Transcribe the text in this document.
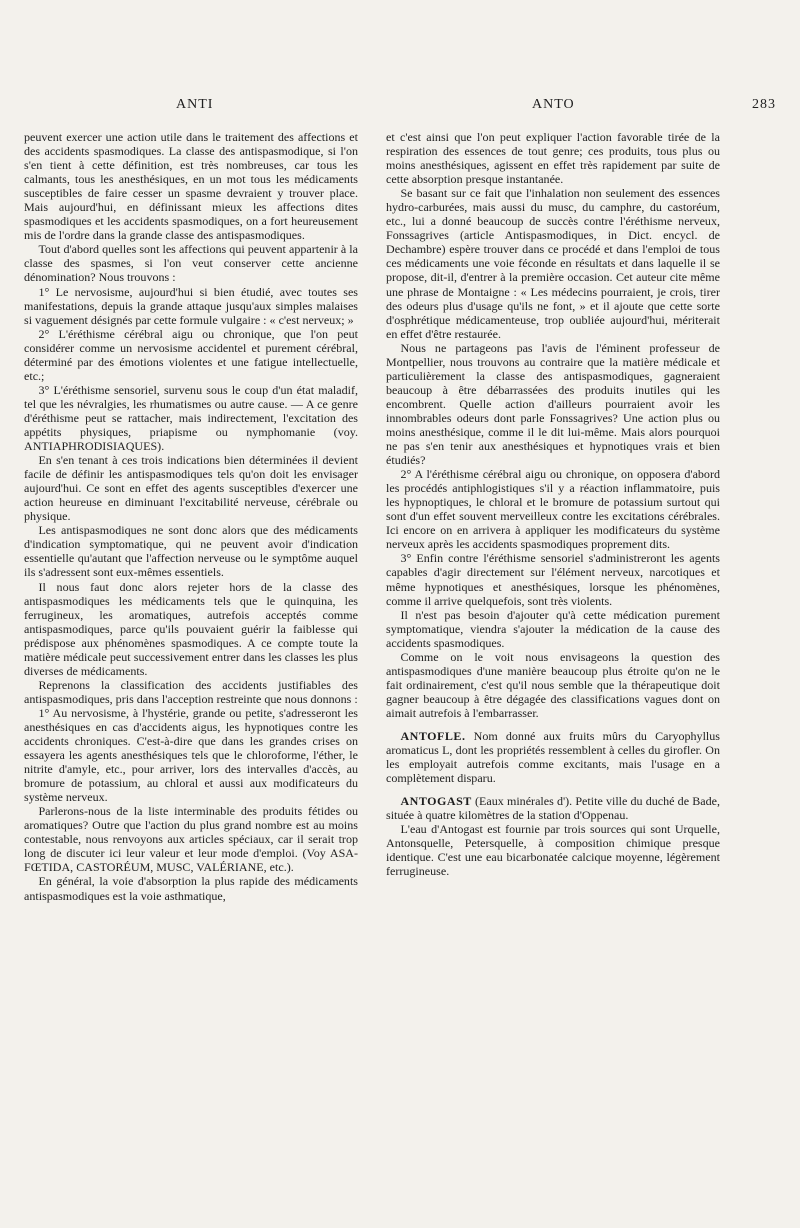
ANTI	ANTO	283

peuvent exercer une action utile dans le traitement des affections et des accidents spasmodiques. La classe des antispasmodique, si l'on s'en tient à cette définition, est très nombreuses, car tous les calmants, tous les anesthésiques, en un mot tous les médicaments susceptibles de faire cesser un spasme devraient y trouver place. Mais aujourd'hui, en définissant mieux les affections dites spasmodiques et les accidents spasmodiques, on a fort heureusement mis de l'ordre dans la grande classe des antispasmodiques.

Tout d'abord quelles sont les affections qui peuvent appartenir à la classe des spasmes, si l'on veut conserver cette ancienne dénomination? Nous trouvons :

1° Le nervosisme, aujourd'hui si bien étudié, avec toutes ses manifestations, depuis la grande attaque jusqu'aux simples malaises si vaguement désignés par cette formule vulgaire : « c'est nerveux; »

2° L'éréthisme cérébral aigu ou chronique, que l'on peut considérer comme un nervosisme accidentel et purement cérébral, déterminé par des émotions violentes et une fatigue intellectuelle, etc.;

3° L'éréthisme sensoriel, survenu sous le coup d'un état maladif, tel que les névralgies, les rhumatismes ou autre cause. — A ce genre d'éréthisme peut se rattacher, mais indirectement, l'excitation des appétits physiques, priapisme ou nymphomanie (voy. ANTIAPHRODISIAQUES).

En s'en tenant à ces trois indications bien déterminées il devient facile de définir les antispasmodiques tels qu'on doit les envisager aujourd'hui. Ce sont en effet des agents susceptibles d'exercer une action heureuse en diminuant l'excitabilité nerveuse, cérébrale ou physique.

Les antispasmodiques ne sont donc alors que des médicaments d'indication symptomatique, qui ne peuvent avoir d'indication essentielle qu'autant que l'affection nerveuse ou le symptôme auquel ils s'adressent sont eux-mêmes essentiels.

Il nous faut donc alors rejeter hors de la classe des antispasmodiques les médicaments tels que le quinquina, les ferrugineux, les aromatiques, autrefois acceptés comme antispasmodiques, parce qu'ils pouvaient guérir la faiblesse qui prédispose aux phénomènes spasmodiques. A ce compte toute la matière médicale peut successivement entrer dans les classes les plus diverses de médicaments.

Reprenons la classification des accidents justifiables des antispasmodiques, pris dans l'acception restreinte que nous donnons :

1° Au nervosisme, à l'hystérie, grande ou petite, s'adresseront les anesthésiques en cas d'accidents aigus, les hypnotiques contre les accidents chroniques. C'est-à-dire que dans les grandes crises on essayera les agents anesthésiques tels que le chloroforme, l'éther, le nitrite d'amyle, etc., pour arriver, lors des intervalles d'accès, au bromure de potassium, au chloral et aussi aux modificateurs du système nerveux.

Parlerons-nous de la liste interminable des produits fétides ou aromatiques? Outre que l'action du plus grand nombre est au moins contestable, nous renvoyons aux articles spéciaux, car il serait trop long de discuter ici leur valeur et leur mode d'emploi. (Voy ASA-FŒTIDA, CASTORÉUM, MUSC, VALÉRIANE, etc.).

En général, la voie d'absorption la plus rapide des médicaments antispasmodiques est la voie asthmatique,

et c'est ainsi que l'on peut expliquer l'action favorable tirée de la respiration des essences de tout genre; ces produits, tous plus ou moins anesthésiques, agissent en effet très rapidement par suite de cette absorption presque instantanée.

Se basant sur ce fait que l'inhalation non seulement des essences hydro-carburées, mais aussi du musc, du camphre, du castoréum, etc., lui a donné beaucoup de succès contre l'éréthisme nerveux, Fonssagrives (article Antispasmodiques, in Dict. encycl. de Dechambre) espère trouver dans ce procédé et dans l'emploi de tous ces médicaments une voie féconde en résultats et dans laquelle il se propose, dit-il, d'entrer à la première occasion. Cet auteur cite même une phrase de Montaigne : « Les médecins pourraient, je crois, tirer des odeurs plus d'usage qu'ils ne font, » et il ajoute que cette sorte d'osphrétique médicamenteuse, trop oubliée aujourd'hui, mériterait en effet d'être restaurée.

Nous ne partageons pas l'avis de l'éminent professeur de Montpellier, nous trouvons au contraire que la matière médicale et particulièrement la classe des antispasmodiques, gagneraient beaucoup à être débarrassées des produits inutiles qui les encombrent. Quelle action d'ailleurs pourraient avoir les innombrables odeurs dont parle Fonssagrives? Une action plus ou moins anesthésique, comme il le dit lui-même. Mais alors pourquoi ne pas s'en tenir aux anesthésiques et hypnotiques vrais et bien étudiés?

2° A l'éréthisme cérébral aigu ou chronique, on opposera d'abord les procédés antiphlogistiques s'il y a réaction inflammatoire, puis les hypnoptiques, le chloral et le bromure de potassium surtout qui sont d'un effet souvent merveilleux contre les excitations cérébrales. Ici encore on en arrivera à appliquer les modificateurs du système nerveux après les accidents spasmodiques proprement dits.

3° Enfin contre l'éréthisme sensoriel s'administreront les agents capables d'agir directement sur l'élément nerveux, narcotiques et même hypnotiques et anesthésiques, lorsque les phénomènes, comme il arrive quelquefois, sont très violents.

Il n'est pas besoin d'ajouter qu'à cette médication purement symptomatique, viendra s'ajouter la médication de la cause des accidents spasmodiques.

Comme on le voit nous envisageons la question des antispasmodiques d'une manière beaucoup plus étroite qu'on ne le fait ordinairement, c'est qu'il nous semble que la thérapeutique doit gagner beaucoup à être dégagée des classifications vagues dont on aimait autrefois à l'embarrasser.

ANTOFLE. Nom donné aux fruits mûrs du Caryophyllus aromaticus L, dont les propriétés ressemblent à celles du girofler. On les employait autrefois comme excitants, mais l'usage en a complètement disparu.

ANTOGAST (Eaux minérales d'). Petite ville du duché de Bade, située à quatre kilomètres de la station d'Oppenau.

L'eau d'Antogast est fournie par trois sources qui sont Urquelle, Antonsquelle, Petersquelle, à composition chimique presque identique. C'est une eau bicarbonatée calcique moyenne, légèrement ferrugineuse.
